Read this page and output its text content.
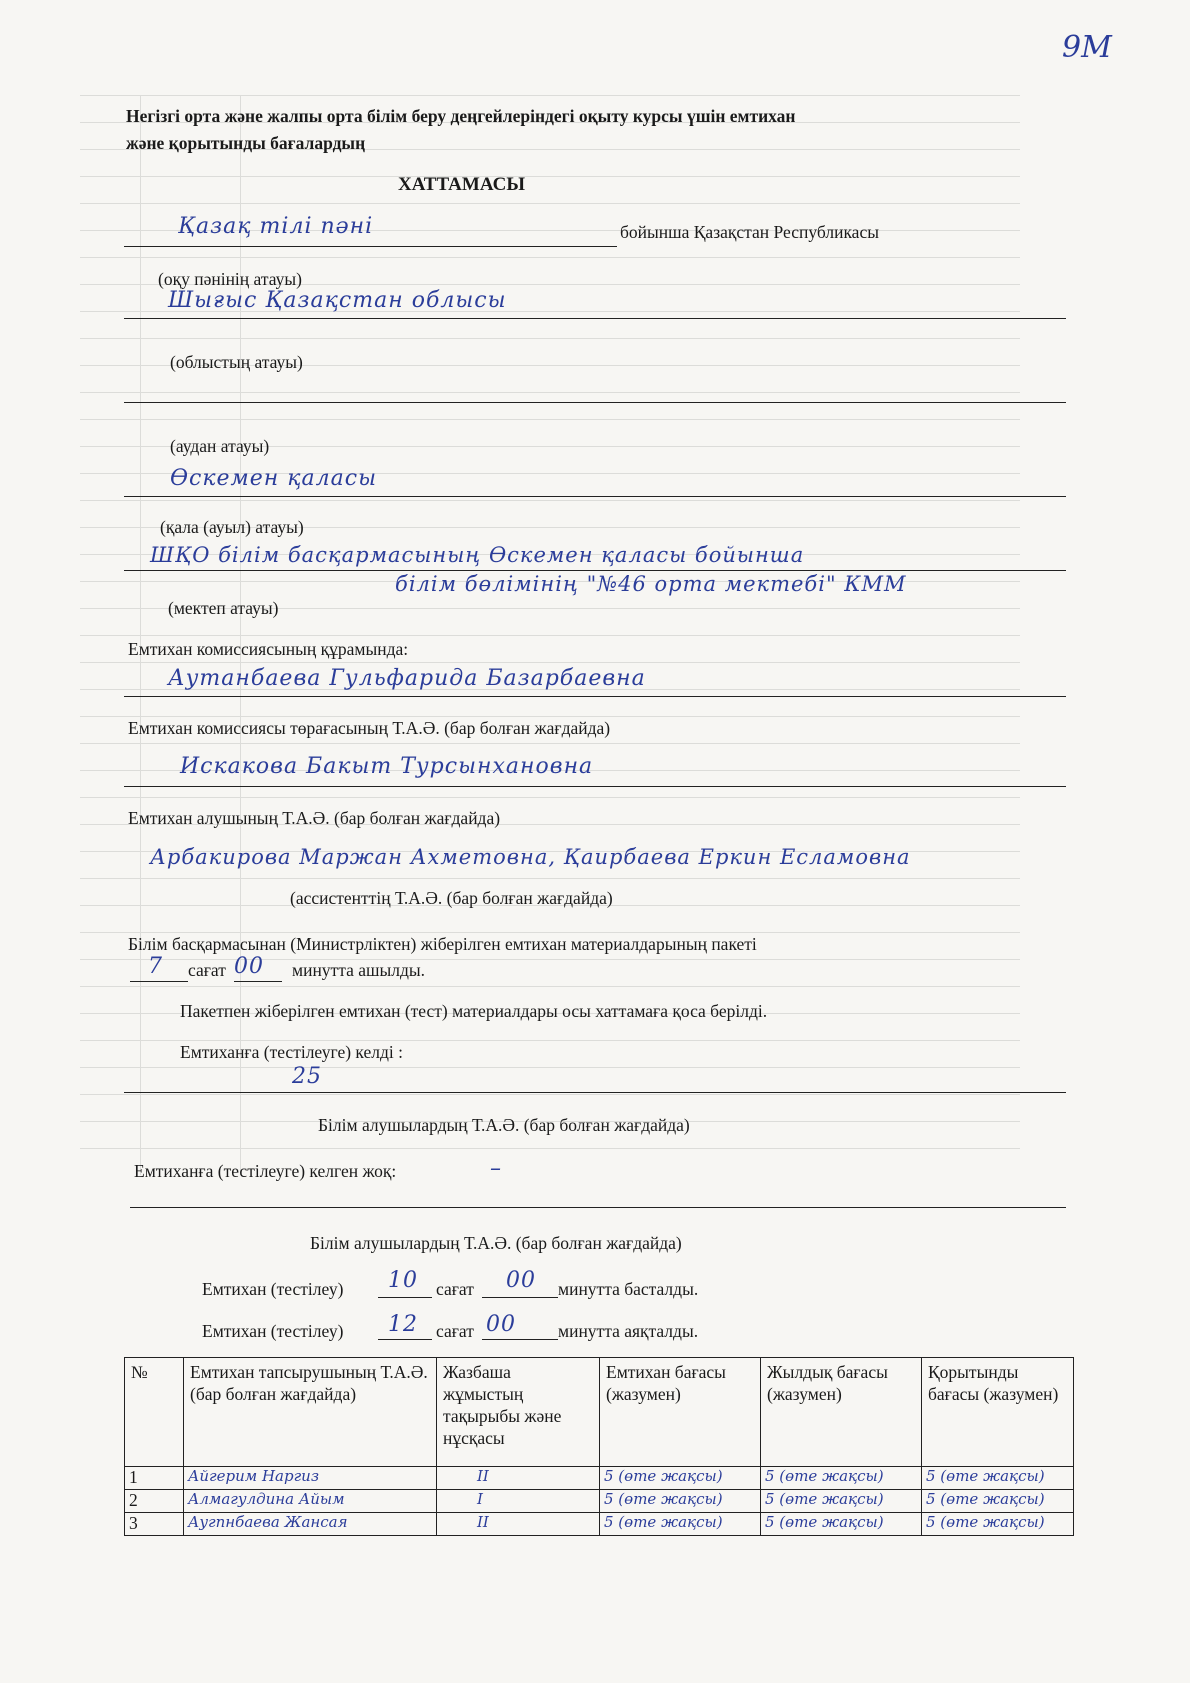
9М
Негізгі орта және жалпы орта білім беру деңгейлеріндегі оқыту курсы үшін емтихан
және қорытынды бағалардың
ХАТТАМАСЫ
Қазақ тілі пәні	бойынша Қазақстан Республикасы
(оқу пәнінің атауы)
Шығыс Қазақстан облысы
(облыстың атауы)
(аудан атауы)
Өскемен қаласы
(қала (ауыл) атауы)
ШҚО білім басқармасының Өскемен қаласы бойынша
білім бөлімінің "№46 орта мектебі" КММ
(мектеп атауы)
Емтихан комиссиясының құрамында:
Аутанбаева Гульфарида Базарбаевна
Емтихан комиссиясы төрағасының Т.А.Ә. (бар болған жағдайда)
Искакова Бакыт Турсынхановна
Емтихан алушының Т.А.Ә. (бар болған жағдайда)
Арбакирова Маржан Ахметовна, Қаирбаева Еркин Есламовна
(ассистенттің Т.А.Ә. (бар болған жағдайда)
Білім басқармасынан (Министрліктен) жіберілген емтихан материалдарының пакеті
7 сағат 00 минутта ашылды.
Пакетпен жіберілген емтихан (тест) материалдары осы хаттамаға қоса берілді.
Емтиханға (тестілеуге) келді :
25
Білім алушылардың Т.А.Ә. (бар болған жағдайда)
Емтиханға (тестілеуге) келген жоқ:	–
Білім алушылардың Т.А.Ә. (бар болған жағдайда)
Емтихан (тестілеу) 10 сағат 00 минутта басталды.
Емтихан (тестілеу) 12 сағат 00 минутта аяқталды.
№	Емтихан тапсырушының Т.А.Ә. (бар болған жағдайда)	Жазбаша жұмыстың тақырыбы және нұсқасы	Емтихан бағасы (жазумен)	Жылдық бағасы (жазумен)	Қорытынды бағасы (жазумен)
1	Айгерим Наргиз	ІІ	5 (өте жақсы)	5 (өте жақсы)	5 (өте жақсы)
2	Алмагулдина Айым	І	5 (өте жақсы)	5 (өте жақсы)	5 (өте жақсы)
3	Аугпнбаева Жансая	ІІ	5 (өте жақсы)	5 (өте жақсы)	5 (өте жақсы)
